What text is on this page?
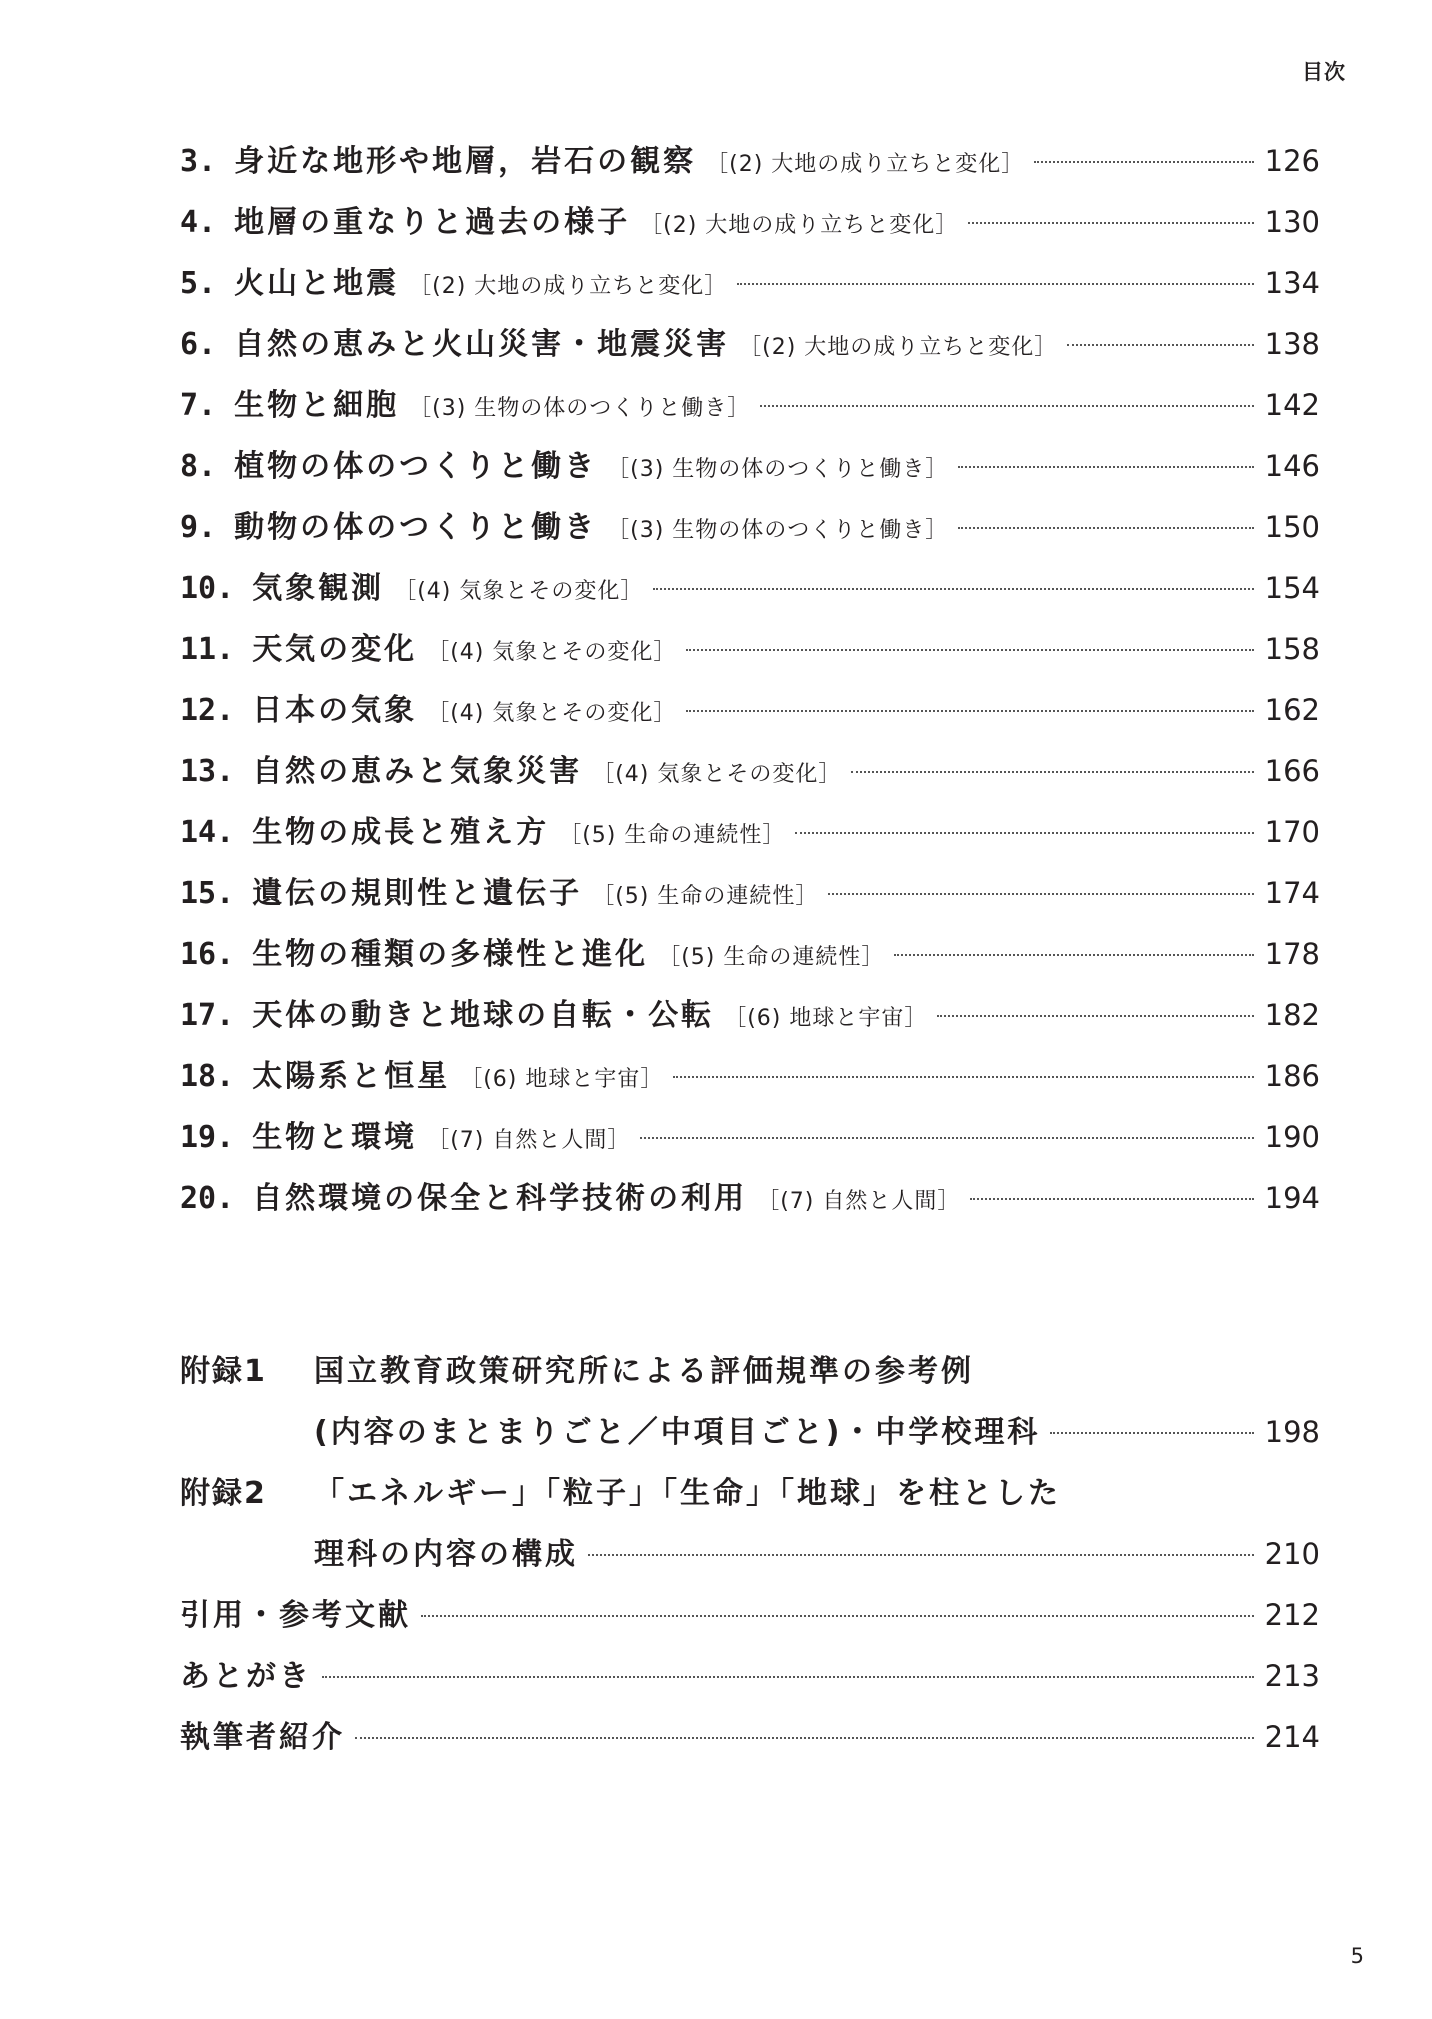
目次
3. 身近な地形や地層，岩石の観察 ［(2) 大地の成り立ちと変化］	126
4. 地層の重なりと過去の様子 ［(2) 大地の成り立ちと変化］	130
5. 火山と地震 ［(2) 大地の成り立ちと変化］	134
6. 自然の恵みと火山災害・地震災害 ［(2) 大地の成り立ちと変化］	138
7. 生物と細胞 ［(3) 生物の体のつくりと働き］	142
8. 植物の体のつくりと働き ［(3) 生物の体のつくりと働き］	146
9. 動物の体のつくりと働き ［(3) 生物の体のつくりと働き］	150
10. 気象観測 ［(4) 気象とその変化］	154
11. 天気の変化 ［(4) 気象とその変化］	158
12. 日本の気象 ［(4) 気象とその変化］	162
13. 自然の恵みと気象災害 ［(4) 気象とその変化］	166
14. 生物の成長と殖え方 ［(5) 生命の連続性］	170
15. 遺伝の規則性と遺伝子 ［(5) 生命の連続性］	174
16. 生物の種類の多様性と進化 ［(5) 生命の連続性］	178
17. 天体の動きと地球の自転・公転 ［(6) 地球と宇宙］	182
18. 太陽系と恒星 ［(6) 地球と宇宙］	186
19. 生物と環境 ［(7) 自然と人間］	190
20. 自然環境の保全と科学技術の利用 ［(7) 自然と人間］	194
附録1	国立教育政策研究所による評価規準の参考例
(内容のまとまりごと／中項目ごと)・中学校理科	198
附録2	「エネルギー」「粒子」「生命」「地球」を柱とした
理科の内容の構成	210
引用・参考文献	212
あとがき	213
執筆者紹介	214
5
